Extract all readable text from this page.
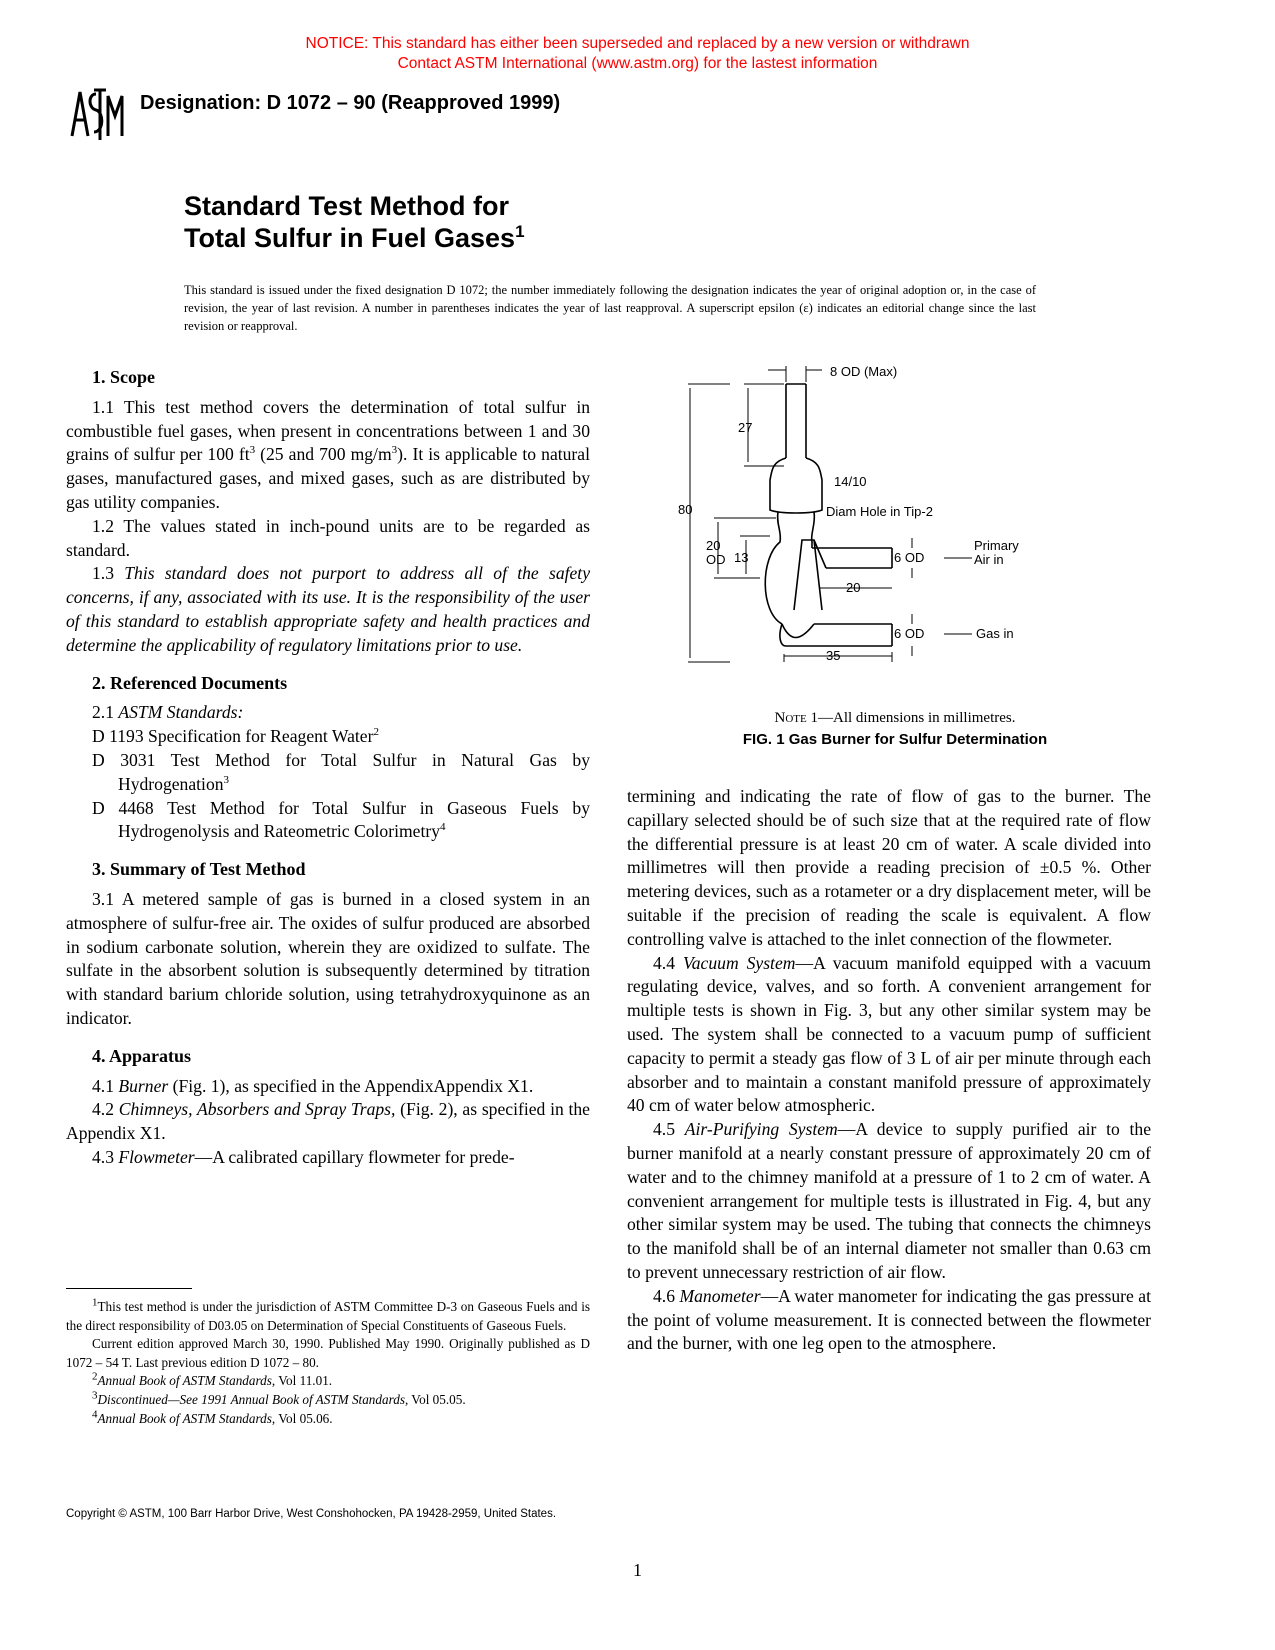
NOTICE: This standard has either been superseded and replaced by a new version or withdrawn
Contact ASTM International (www.astm.org) for the lastest information
Designation: D 1072 – 90 (Reapproved 1999)
Standard Test Method for
Total Sulfur in Fuel Gases$^1$
This standard is issued under the fixed designation D 1072; the number immediately following the designation indicates the year of original adoption or, in the case of revision, the year of last revision. A number in parentheses indicates the year of last reapproval. A superscript epsilon (ε) indicates an editorial change since the last revision or reapproval.
1. Scope

1.1 This test method covers the determination of total sulfur in combustible fuel gases, when present in concentrations between 1 and 30 grains of sulfur per 100 $ft^3$ (25 and 700 $mg/m^3$). It is applicable to natural gases, manufactured gases, and mixed gases, such as are distributed by gas utility companies.

1.2 The values stated in inch-pound units are to be regarded as standard.

1.3 This standard does not purport to address all of the safety concerns, if any, associated with its use. It is the responsibility of the user of this standard to establish appropriate safety and health practices and determine the applicability of regulatory limitations prior to use.

2. Referenced Documents

2.1 ASTM Standards:

D 1193 Specification for Reagent Water$^2$

D 3031 Test Method for Total Sulfur in Natural Gas by Hydrogenation$^3$

D 4468 Test Method for Total Sulfur in Gaseous Fuels by Hydrogenolysis and Rateometric Colorimetry$^4$

3. Summary of Test Method

3.1 A metered sample of gas is burned in a closed system in an atmosphere of sulfur-free air. The oxides of sulfur produced are absorbed in sodium carbonate solution, wherein they are oxidized to sulfate. The sulfate in the absorbent solution is subsequently determined by titration with standard barium chloride solution, using tetrahydroxyquinone as an indicator.

4. Apparatus

4.1 Burner (Fig. 1), as specified in the AppendixAppendix X1.

4.2 Chimneys, Absorbers and Spray Traps, (Fig. 2), as specified in the Appendix X1.

4.3 Flowmeter—A calibrated capillary flowmeter for prede-

8 OD (Max)
27
14/10
80	Diam Hole in Tip-2
20
OD 13	6 OD
Primary
Air in
20
6 OD	Gas in
35
Note 1—All dimensions in millimetres.
FIG. 1 Gas Burner for Sulfur Determination

termining and indicating the rate of flow of gas to the burner. The capillary selected should be of such size that at the required rate of flow the differential pressure is at least 20 cm of water. A scale divided into millimetres will then provide a reading precision of ±0.5 %. Other metering devices, such as a rotameter or a dry displacement meter, will be suitable if the precision of reading the scale is equivalent. A flow controlling valve is attached to the inlet connection of the flowmeter.

4.4 Vacuum System—A vacuum manifold equipped with a vacuum regulating device, valves, and so forth. A convenient arrangement for multiple tests is shown in Fig. 3, but any other similar system may be used. The system shall be connected to a vacuum pump of sufficient capacity to permit a steady gas flow of 3 L of air per minute through each absorber and to maintain a constant manifold pressure of approximately 40 cm of water below atmospheric.

4.5 Air-Purifying System—A device to supply purified air to the burner manifold at a nearly constant pressure of approximately 20 cm of water and to the chimney manifold at a pressure of 1 to 2 cm of water. A convenient arrangement for multiple tests is illustrated in Fig. 4, but any other similar system may be used. The tubing that connects the chimneys to the manifold shall be of an internal diameter not smaller than 0.63 cm to prevent unnecessary restriction of air flow.

4.6 Manometer—A water manometer for indicating the gas pressure at the point of volume measurement. It is connected between the flowmeter and the burner, with one leg open to the atmosphere.

$^1$This test method is under the jurisdiction of ASTM Committee D-3 on Gaseous Fuels and is the direct responsibility of D03.05 on Determination of Special Constituents of Gaseous Fuels.

Current edition approved March 30, 1990. Published May 1990. Originally published as D 1072 – 54 T. Last previous edition D 1072 – 80.

$^2$Annual Book of ASTM Standards, Vol 11.01.

$^3$Discontinued—See 1991 Annual Book of ASTM Standards, Vol 05.05.

$^4$Annual Book of ASTM Standards, Vol 05.06.

Copyright © ASTM, 100 Barr Harbor Drive, West Conshohocken, PA 19428-2959, United States.
1
